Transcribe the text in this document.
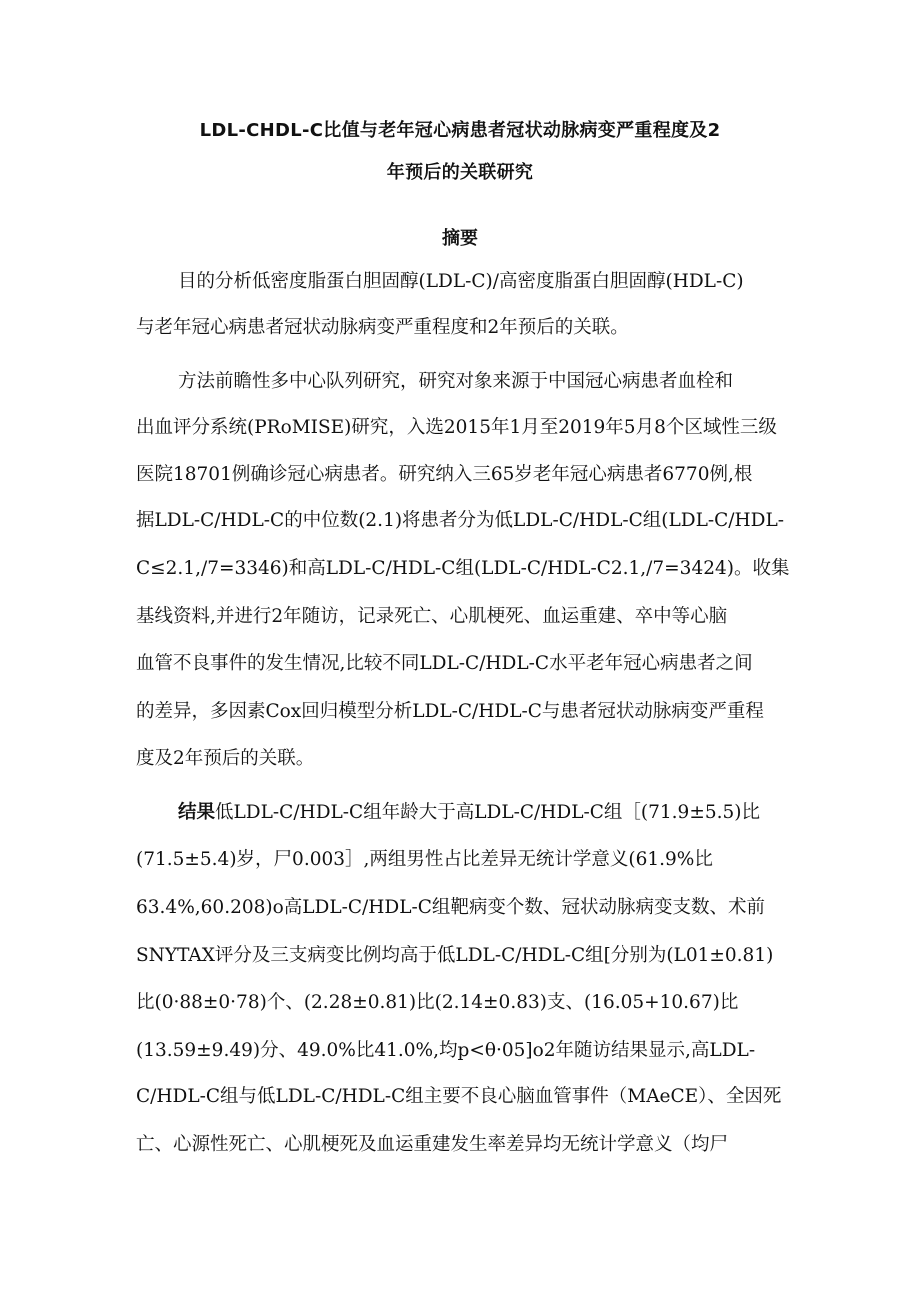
LDL-CHDL-C比值与老年冠心病患者冠状动脉病变严重程度及2
年预后的关联研究
摘要
目的分析低密度脂蛋白胆固醇(LDL-C)/高密度脂蛋白胆固醇(HDL-C)
与老年冠心病患者冠状动脉病变严重程度和2年预后的关联。
方法前瞻性多中心队列研究，研究对象来源于中国冠心病患者血栓和
出血评分系统(PRoMISE)研究，入选2015年1月至2019年5月8个区域性三级
医院18701例确诊冠心病患者。研究纳入三65岁老年冠心病患者6770例,根
据LDL-C/HDL-C的中位数(2.1)将患者分为低LDL-C/HDL-C组(LDL-C/HDL-
C≤2.1,/7=3346)和高LDL-C/HDL-C组(LDL-C/HDL-C2.1,/7=3424)。收集
基线资料,并进行2年随访，记录死亡、心肌梗死、血运重建、卒中等心脑
血管不良事件的发生情况,比较不同LDL-C/HDL-C水平老年冠心病患者之间
的差异，多因素Cox回归模型分析LDL-C/HDL-C与患者冠状动脉病变严重程
度及2年预后的关联。
结果低LDL-C/HDL-C组年龄大于高LDL-C/HDL-C组［(71.9±5.5)比
(71.5±5.4)岁，尸0.003］,两组男性占比差异无统计学意义(61.9%比
63.4%,60.208)o高LDL-C/HDL-C组靶病变个数、冠状动脉病变支数、术前
SNYTAX评分及三支病变比例均高于低LDL-C/HDL-C组[分别为(L01±0.81)
比(0·88±0·78)个、(2.28±0.81)比(2.14±0.83)支、(16.05+10.67)比
(13.59±9.49)分、49.0%比41.0%,均p<θ·05]o2年随访结果显示,高LDL-
C/HDL-C组与低LDL-C/HDL-C组主要不良心脑血管事件（MAeCE）、全因死
亡、心源性死亡、心肌梗死及血运重建发生率差异均无统计学意义（均尸
